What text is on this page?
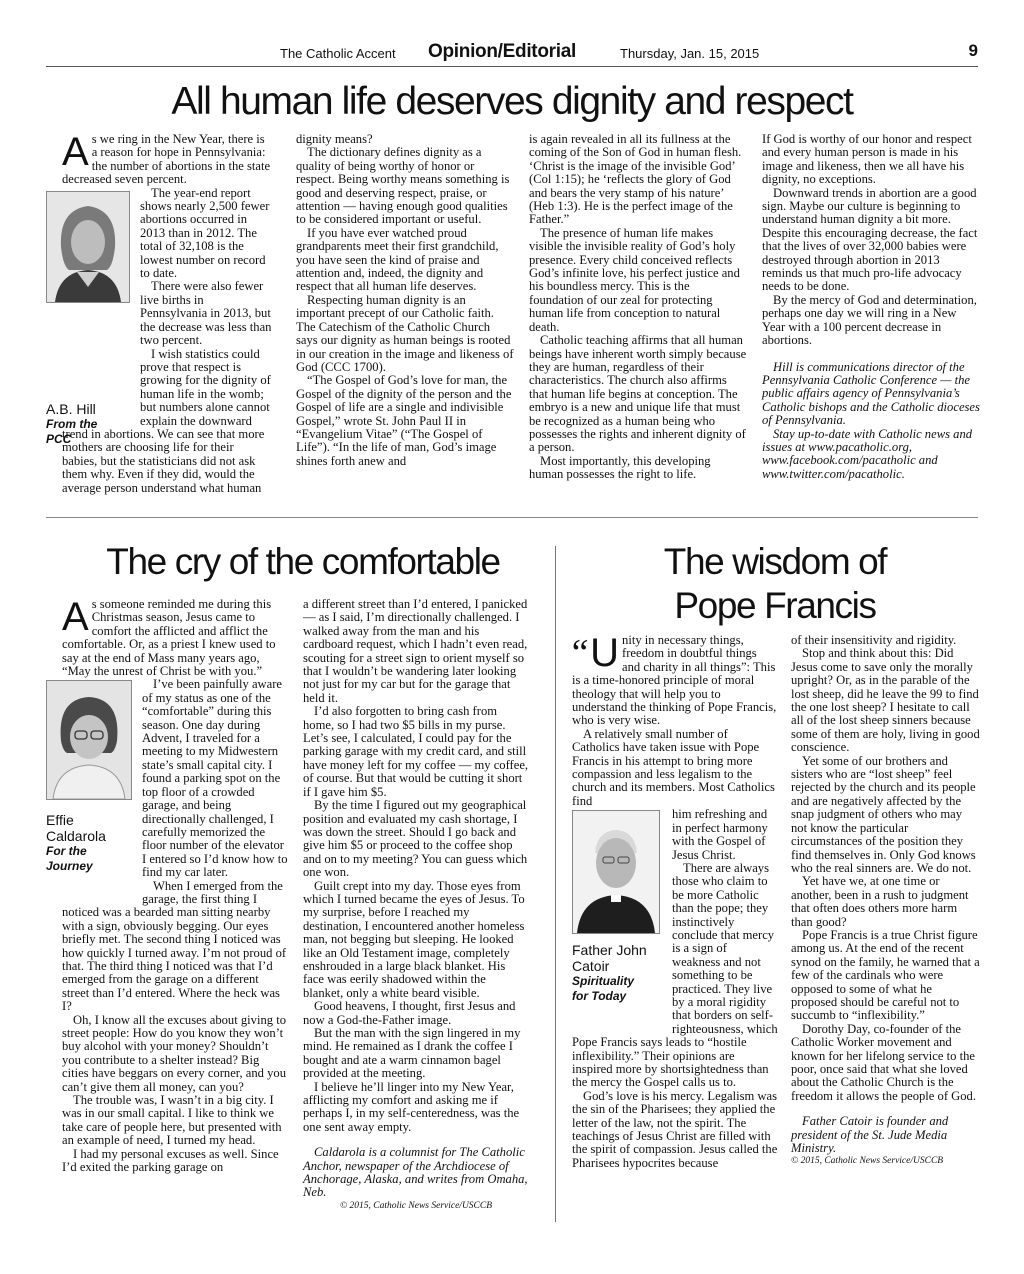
The Catholic Accent Opinion/Editorial	Thursday, Jan. 15, 2015	9
All human life deserves dignity and respect

As we ring in the New Year, there is a reason for hope in Pennsylvania: the number of abortions in the state decreased seven percent.

A.B. Hill
From the
PCC

The year-end report shows nearly 2,500 fewer abortions occurred in 2013 than in 2012. The total of 32,108 is the lowest number on record to date.

There were also fewer live births in Pennsylvania in 2013, but the decrease was less than two percent.

I wish statistics could prove that respect is growing for the dignity of human life in the womb; but numbers alone cannot explain the downward trend in abortions. We can see that more mothers are choosing life for their babies, but the statisticians did not ask them why. Even if they did, would the average person understand what human

dignity means?

The dictionary defines dignity as a quality of being worthy of honor or respect. Being worthy means something is good and deserving respect, praise, or attention — having enough good qualities to be considered important or useful.

If you have ever watched proud grandparents meet their first grandchild, you have seen the kind of praise and attention and, indeed, the dignity and respect that all human life deserves.

Respecting human dignity is an important precept of our Catholic faith. The Catechism of the Catholic Church says our dignity as human beings is rooted in our creation in the image and likeness of God (CCC 1700).

“The Gospel of God’s love for man, the Gospel of the dignity of the person and the Gospel of life are a single and indivisible Gospel,” wrote St. John Paul II in “Evangelium Vitae” (“The Gospel of Life”). “In the life of man, God’s image shines forth anew and

is again revealed in all its fullness at the coming of the Son of God in human flesh. ‘Christ is the image of the invisible God’ (Col 1:15); he ‘reflects the glory of God and bears the very stamp of his nature’ (Heb 1:3). He is the perfect image of the Father.”

The presence of human life makes visible the invisible reality of God’s holy presence. Every child conceived reflects God’s infinite love, his perfect justice and his boundless mercy. This is the foundation of our zeal for protecting human life from conception to natural death.

Catholic teaching affirms that all human beings have inherent worth simply because they are human, regardless of their characteristics. The church also affirms that human life begins at conception. The embryo is a new and unique life that must be recognized as a human being who possesses the rights and inherent dignity of a person.

Most importantly, this developing human possesses the right to life.

If God is worthy of our honor and respect and every human person is made in his image and likeness, then we all have his dignity, no exceptions.

Downward trends in abortion are a good sign. Maybe our culture is beginning to understand human dignity a bit more. Despite this encouraging decrease, the fact that the lives of over 32,000 babies were destroyed through abortion in 2013 reminds us that much pro-life advocacy needs to be done.

By the mercy of God and determination, perhaps one day we will ring in a New Year with a 100 percent decrease in abortions.

Hill is communications director of the Pennsylvania Catholic Conference — the public affairs agency of Pennsylvania’s Catholic bishops and the Catholic dioceses of Pennsylvania.

Stay up-to-date with Catholic news and issues at www.pacatholic.org, www.facebook.com/pacatholic and www.twitter.com/pacatholic.

The cry of the comfortable

As someone reminded me during this Christmas season, Jesus came to comfort the afflicted and afflict the comfortable. Or, as a priest I knew used to say at the end of Mass many years ago, “May the unrest of Christ be with you.”

Effie
Caldarola
For the
Journey

I’ve been painfully aware of my status as one of the “comfortable” during this season. One day during Advent, I traveled for a meeting to my Midwestern state’s small capital city. I found a parking spot on the top floor of a crowded garage, and being directionally challenged, I carefully memorized the floor number of the elevator I entered so I’d know how to find my car later.

When I emerged from the garage, the first thing I noticed was a bearded man sitting nearby with a sign, obviously begging. Our eyes briefly met. The second thing I noticed was how quickly I turned away. I’m not proud of that. The third thing I noticed was that I’d emerged from the garage on a different street than I’d entered. Where the heck was I?

Oh, I know all the excuses about giving to street people: How do you know they won’t buy alcohol with your money? Shouldn’t you contribute to a shelter instead? Big cities have beggars on every corner, and you can’t give them all money, can you?

The trouble was, I wasn’t in a big city. I was in our small capital. I like to think we take care of people here, but presented with an example of need, I turned my head.

I had my personal excuses as well. Since I’d exited the parking garage on

a different street than I’d entered, I panicked — as I said, I’m directionally challenged. I walked away from the man and his cardboard request, which I hadn’t even read, scouting for a street sign to orient myself so that I wouldn’t be wandering later looking not just for my car but for the garage that held it.

I’d also forgotten to bring cash from home, so I had two $5 bills in my purse. Let’s see, I calculated, I could pay for the parking garage with my credit card, and still have money left for my coffee — my coffee, of course. But that would be cutting it short if I gave him $5.

By the time I figured out my geographical position and evaluated my cash shortage, I was down the street. Should I go back and give him $5 or proceed to the coffee shop and on to my meeting? You can guess which one won.

Guilt crept into my day. Those eyes from which I turned became the eyes of Jesus. To my surprise, before I reached my destination, I encountered another homeless man, not begging but sleeping. He looked like an Old Testament image, completely enshrouded in a large black blanket. His face was eerily shadowed within the blanket, only a white beard visible.

Good heavens, I thought, first Jesus and now a God-the-Father image.

But the man with the sign lingered in my mind. He remained as I drank the coffee I bought and ate a warm cinnamon bagel provided at the meeting.

I believe he’ll linger into my New Year, afflicting my comfort and asking me if perhaps I, in my self-centeredness, was the one sent away empty.

Caldarola is a columnist for The Catholic Anchor, newspaper of the Archdiocese of Anchorage, Alaska, and writes from Omaha, Neb.

© 2015, Catholic News Service/USCCB

The wisdom of
Pope Francis

“ U nity in necessary things, freedom in doubtful things and charity in all things”: This is a time-honored principle of moral theology that will help you to understand the thinking of Pope Francis, who is very wise.

A relatively small number of Catholics have taken issue with Pope Francis in his attempt to bring more compassion and less legalism to the church and its members. Most Catholics find

Father John
Catoir
Spirituality
for Today

him refreshing and in perfect harmony with the Gospel of Jesus Christ.

There are always those who claim to be more Catholic than the pope; they instinctively conclude that mercy is a sign of weakness and not something to be practiced. They live by a moral rigidity that borders on self-righteousness, which Pope Francis says leads to “hostile inflexibility.” Their opinions are inspired more by shortsightedness than the mercy the Gospel calls us to.

God’s love is his mercy. Legalism was the sin of the Pharisees; they applied the letter of the law, not the spirit. The teachings of Jesus Christ are filled with the spirit of compassion. Jesus called the Pharisees hypocrites because

of their insensitivity and rigidity.

Stop and think about this: Did Jesus come to save only the morally upright? Or, as in the parable of the lost sheep, did he leave the 99 to find the one lost sheep? I hesitate to call all of the lost sheep sinners because some of them are holy, living in good conscience.

Yet some of our brothers and sisters who are “lost sheep” feel rejected by the church and its people and are negatively affected by the snap judgment of others who may not know the particular circumstances of the position they find themselves in. Only God knows who the real sinners are. We do not.

Yet have we, at one time or another, been in a rush to judgment that often does others more harm than good?

Pope Francis is a true Christ figure among us. At the end of the recent synod on the family, he warned that a few of the cardinals who were opposed to some of what he proposed should be careful not to succumb to “inflexibility.”

Dorothy Day, co-founder of the Catholic Worker movement and known for her lifelong service to the poor, once said that what she loved about the Catholic Church is the freedom it allows the people of God.

Father Catoir is founder and president of the St. Jude Media Ministry.

© 2015, Catholic News Service/USCCB
